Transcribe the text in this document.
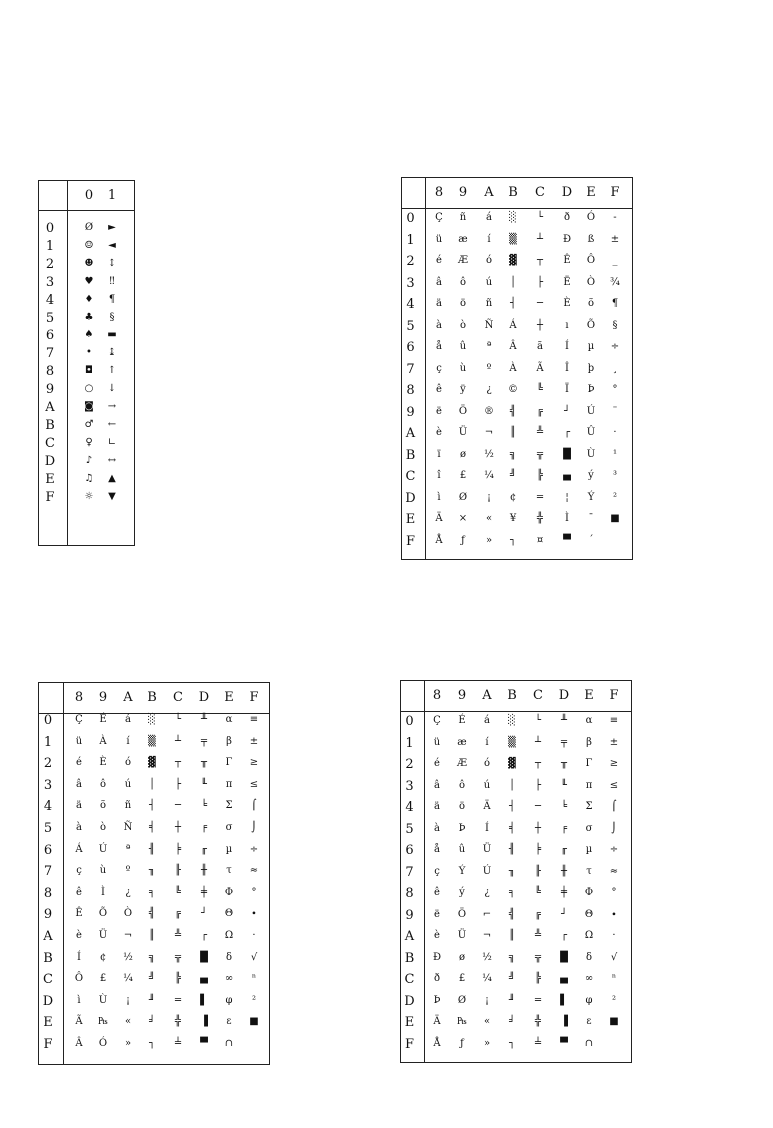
0	1
0	Ø	►
1	☺	◄
2	☻	↕
3	♥	‼
4	♦	¶
5	♣	§
6	♠	▬
7	•	↨
8	◘	↑
9	○	↓
A	◙	→
B	♂	←
C	♀	∟
D	♪	↔
E	♫	▲
F	☼	▼
8	9	A	B	C	D	E	F
0	Ç	ñ	á	░	└	ð	Ó	-
1	ü	æ	í	▒	┴	Ð	ß	±
2	é	Æ	ó	▓	┬	Ê	Ô	_
3	â	ô	ú	│	├	Ë	Ò	¾
4	ä	ö	ñ	┤	─	È	õ	¶
5	à	ò	Ñ	Á	┼	ı	Õ	§
6	å	û	ª	Â	ã	Í	µ	÷
7	ç	ù	º	À	Ã	Î	þ	¸
8	ê	ÿ	¿	©	╚	Ï	Þ	°
9	ë	Ö	®	╣	╔	┘	Ú	¨
A	è	Ü	¬	║	╩	┌	Û	·
B	ï	ø	½	╗	╦	█	Ù	¹
C	î	£	¼	╝	╠	▄	ý	³
D	ì	Ø	¡	¢	═	¦	Ý	²
E	Ä	×	«	¥	╬	Ì	¯	■
F	Å	ƒ	»	┐	¤	▀	´
8	9	A	B	C	D	E	F
0	Ç	É	á	░	└	╨	α	≡
1	ü	À	í	▒	┴	╤	β	±
2	é	È	ó	▓	┬	╥	Γ	≥
3	â	ô	ú	│	├	╙	π	≤
4	ä	õ	ñ	┤	─	╘	Σ	⌠
5	à	ò	Ñ	╡	┼	╒	σ	⌡
6	Á	Ú	ª	╢	╞	╓	µ	÷
7	ç	ù	º	╖	╟	╫	τ	≈
8	ê	Ì	¿	╕	╚	╪	Φ	°
9	Ê	Õ	Ò	╣	╔	┘	Θ	∙
A	è	Ü	¬	║	╩	┌	Ω	·
B	Í	¢	½	╗	╦	█	δ	√
C	Ô	£	¼	╝	╠	▄	∞	ⁿ
D	ì	Ù	¡	╜	═	▌	φ	²
E	Ã	₧	«	╛	╬	▐	ε	■
F	Â	Ó	»	┐	╧	▀	∩
8	9	A	B	C	D	E	F
0	Ç	É	á	░	└	╨	α	≡
1	ü	æ	í	▒	┴	╤	β	±
2	é	Æ	ó	▓	┬	╥	Γ	≥
3	â	ô	ú	│	├	╙	π	≤
4	ä	ö	Ä	┤	─	╘	Σ	⌠
5	à	Þ	Í	╡	┼	╒	σ	⌡
6	å	û	Ü	╢	╞	╓	µ	÷
7	ç	Ý	Ú	╖	╟	╫	τ	≈
8	ê	ý	¿	╕	╚	╪	Φ	°
9	ë	Ö	⌐	╣	╔	┘	Θ	∙
A	è	Ü	¬	║	╩	┌	Ω	·
B	Ð	ø	½	╗	╦	█	δ	√
C	ð	£	¼	╝	╠	▄	∞	ⁿ
D	Þ	Ø	¡	╜	═	▌	φ	²
E	Ä	₧	«	╛	╬	▐	ε	■
F	Å	ƒ	»	┐	╧	▀	∩
